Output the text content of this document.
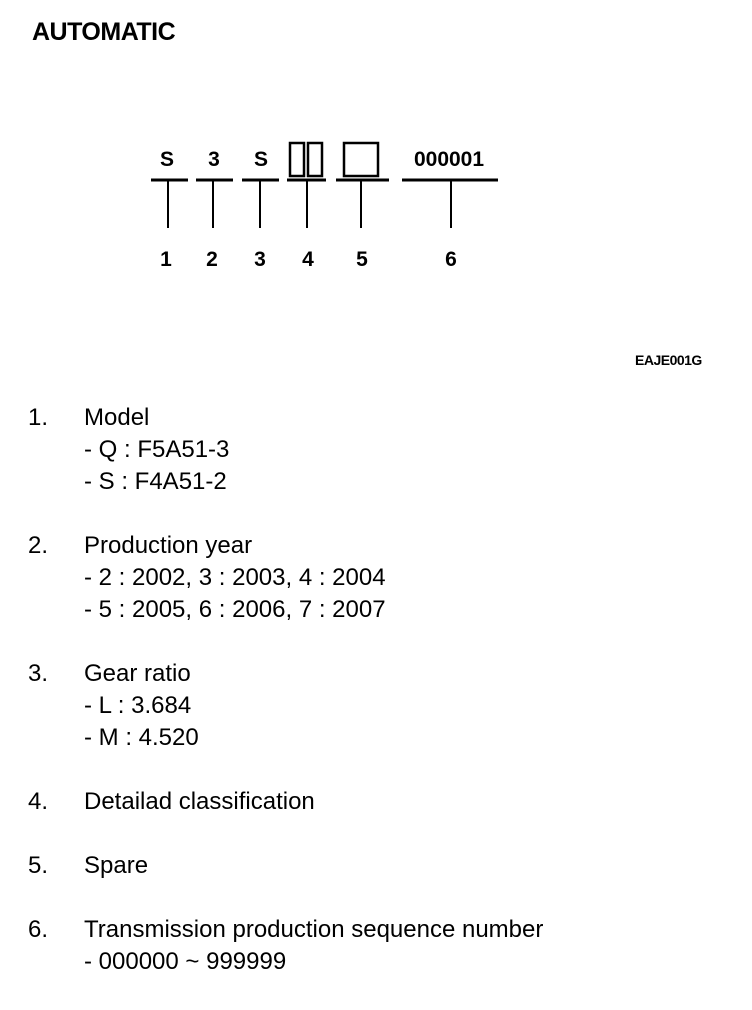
AUTOMATIC
S 3 S	000001
1 2 3 4 5	6
EAJE001G
1. Model
- Q : F5A51-3
- S : F4A51-2
2. Production year
- 2 : 2002, 3 : 2003, 4 : 2004
- 5 : 2005, 6 : 2006, 7 : 2007
3. Gear ratio
- L : 3.684
- M : 4.520
4. Detailad classification
5. Spare
6. Transmission production sequence number
- 000000 ~ 999999
